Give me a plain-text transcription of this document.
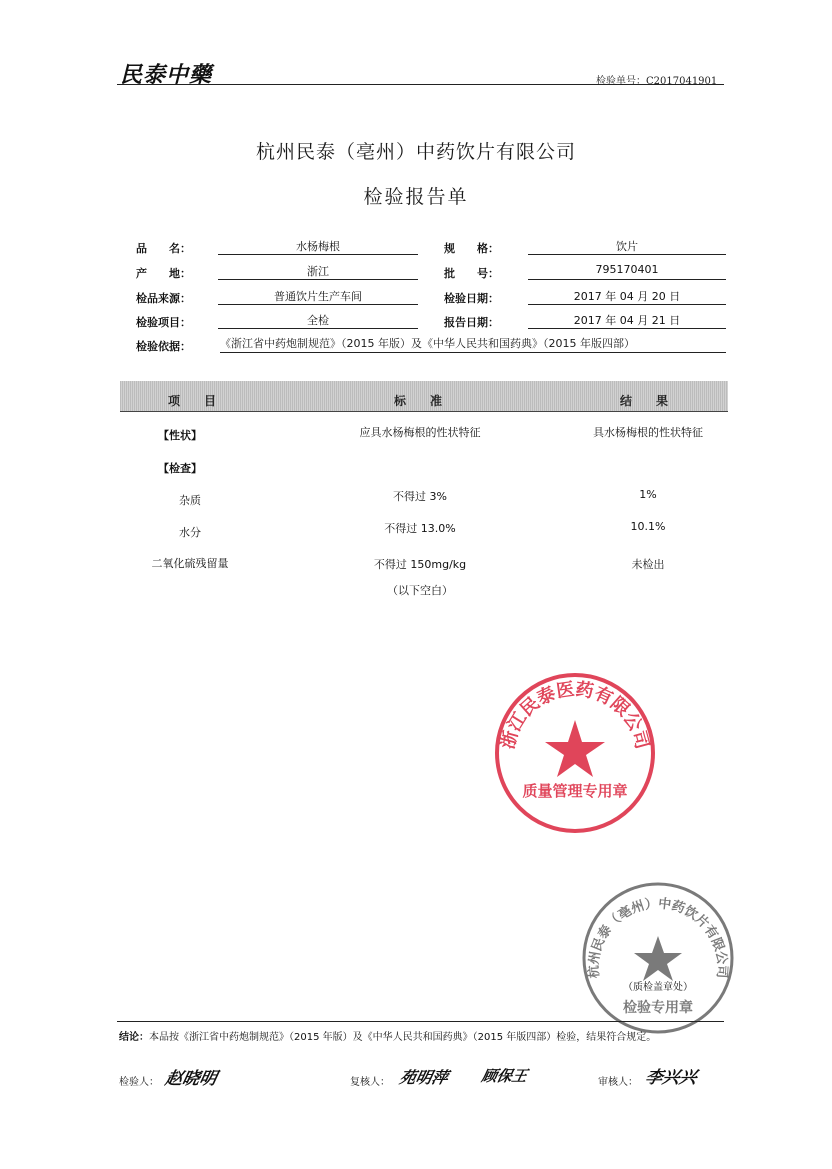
民泰中藥	检验单号：C2017041901
杭州民泰（亳州）中药饮片有限公司
检验报告单
品　　名：	水杨梅根	规　　格：	饮片
产　　地：	浙江	批　　号：	795170401
检品来源：	普通饮片生产车间	检验日期：	2017 年 04 月 20 日
检验项目：	全检	报告日期：	2017 年 04 月 21 日
检验依据：	《浙江省中药炮制规范》（2015 年版）及《中华人民共和国药典》（2015 年版四部）
项　　目	标　　准	结　　果
【性状】	应具水杨梅根的性状特征	具水杨梅根的性状特征
【检查】
杂质	不得过 3%	1%
水分	不得过 13.0%	10.1%
二氧化硫残留量	不得过 150mg/kg	未检出
（以下空白）
浙江民泰医药有限公司
质量管理专用章
杭州民泰（亳州）中药饮片有限公司
（质检盖章处）
检验专用章
结论：本品按《浙江省中药炮制规范》（2015 年版）及《中华人民共和国药典》（2015 年版四部）检验，结果符合规定。
检验人： 赵晓明	复核人： 苑明萍 顾保王	审核人： 李兴兴
